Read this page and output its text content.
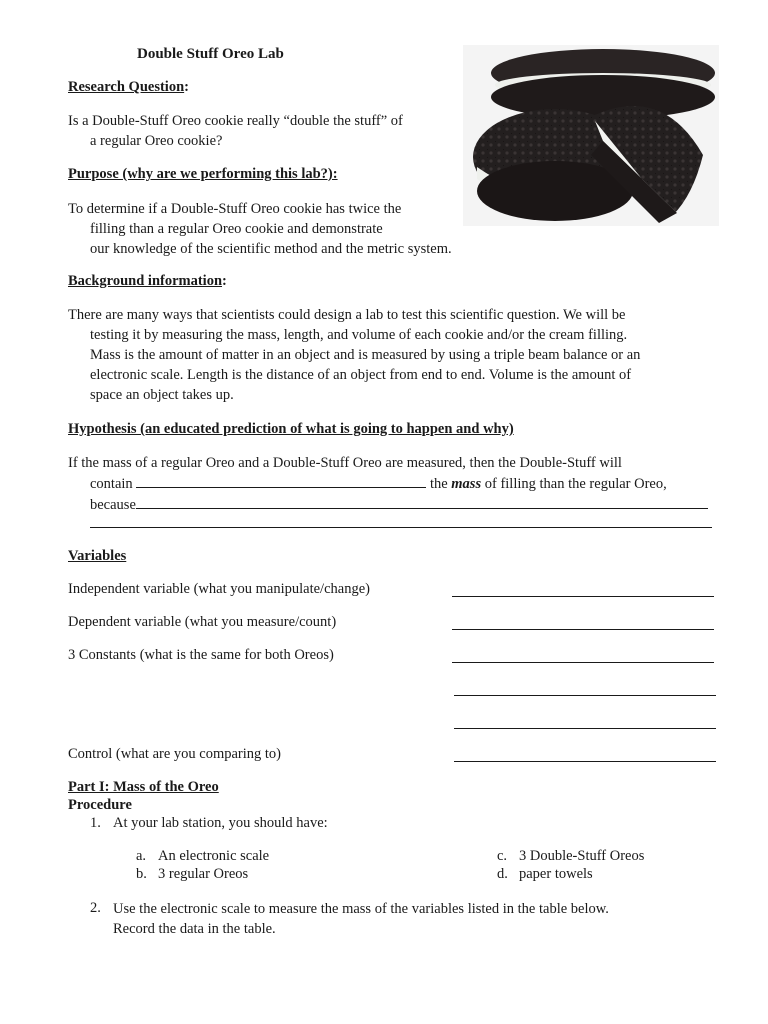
Double Stuff Oreo Lab
Research Question:
Is a Double-Stuff Oreo cookie really “double the stuff” of
a regular Oreo cookie?
Purpose (why are we performing this lab?):
To determine if a Double-Stuff Oreo cookie has twice the
filling than a regular Oreo cookie and demonstrate
our knowledge of the scientific method and the metric system.
Background information:
There are many ways that scientists could design a lab to test this scientific question. We will be
testing it by measuring the mass, length, and volume of each cookie and/or the cream filling.
Mass is the amount of matter in an object and is measured by using a triple beam balance or an
electronic scale. Length is the distance of an object from end to end. Volume is the amount of
space an object takes up.
Hypothesis (an educated prediction of what is going to happen and why)
If the mass of a regular Oreo and a Double-Stuff Oreo are measured, then the Double-Stuff will
contain	the mass of filling than the regular Oreo,
because
Variables
Independent variable (what you manipulate/change)
Dependent variable (what you measure/count)
3 Constants (what is the same for both Oreos)
Control (what are you comparing to)
Part I: Mass of the Oreo
Procedure
1. At your lab station, you should have:
a. An electronic scale
b. 3 regular Oreos
c. 3 Double-Stuff Oreos
d. paper towels
2. Use the electronic scale to measure the mass of the variables listed in the table below.
Record the data in the table.
